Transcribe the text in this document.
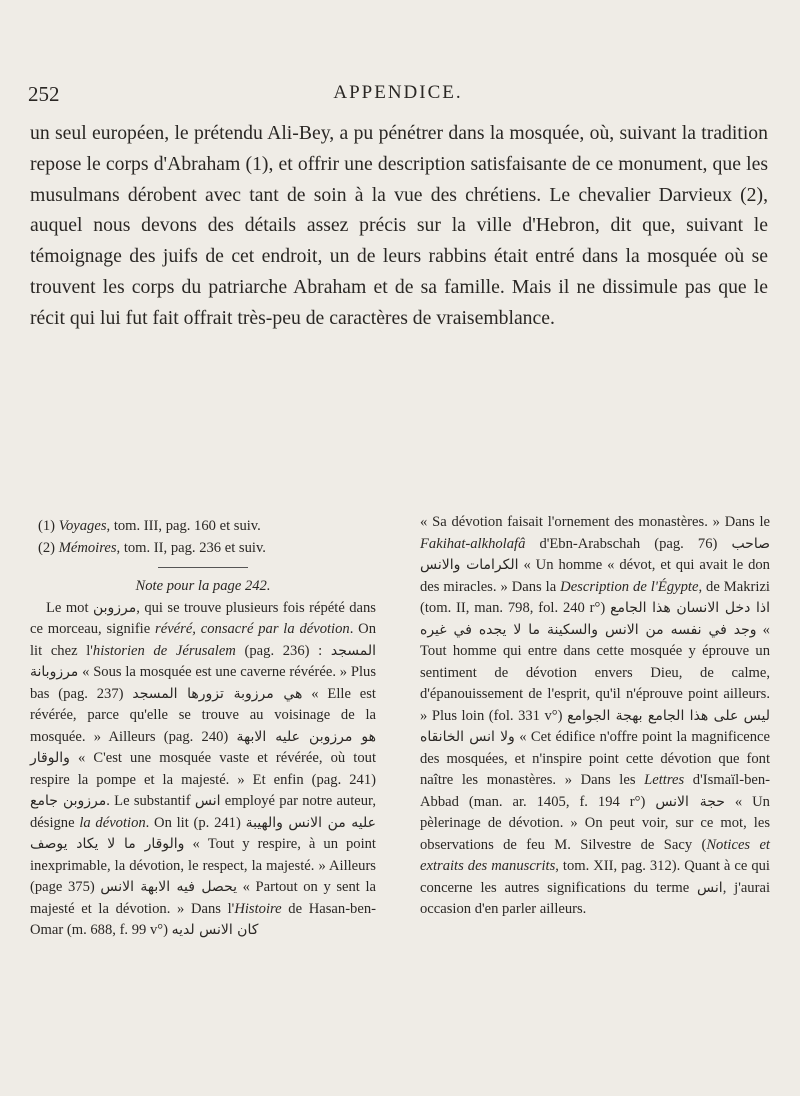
252	APPENDICE.

un seul européen, le prétendu Ali-Bey, a pu pénétrer dans la mosquée, où, suivant la tradition repose le corps d'Abraham (1), et offrir une description satisfaisante de ce monument, que les musulmans dérobent avec tant de soin à la vue des chrétiens. Le chevalier Darvieux (2), auquel nous devons des détails assez précis sur la ville d'Hebron, dit que, suivant le témoignage des juifs de cet endroit, un de leurs rabbins était entré dans la mosquée où se trouvent les corps du patriarche Abraham et de sa famille. Mais il ne dissimule pas que le récit qui lui fut fait offrait très-peu de caractères de vraisemblance.

(1) Voyages, tom. III, pag. 160 et suiv.

(2) Mémoires, tom. II, pag. 236 et suiv.

Note pour la page 242.

Le mot مرزوبن, qui se trouve plusieurs fois répété dans ce morceau, signifie révéré, consacré par la dévotion. On lit chez l'historien de Jérusalem (pag. 236) : المسجد مرزوبانة « Sous la mosquée est une caverne révérée. » Plus bas (pag. 237) هي مرزوبة تزورها المسجد « Elle est révérée, parce qu'elle se trouve au voisinage de la mosquée. » Ailleurs (pag. 240) هو مرزوبن عليه الابهة والوقار « C'est une mosquée vaste et révérée, où tout respire la pompe et la majesté. » Et enfin (pag. 241) مرزوبن جامع. Le substantif انس employé par notre auteur, désigne la dévotion. On lit (p. 241) عليه من الانس والهيبة والوقار ما لا يكاد يوصف « Tout y respire, à un point inexprimable, la dévotion, le respect, la majesté. » Ailleurs (page 375) يحصل فيه الابهة الانس « Partout on y sent la majesté et la dévotion. » Dans l'Histoire de Hasan-ben-Omar (m. 688, f. 99 v°) كان الانس لديه

« Sa dévotion faisait l'ornement des monastères. » Dans le Fakihat-alkholafâ d'Ebn-Arabschah (pag. 76) صاحب الكرامات والانس « Un homme « dévot, et qui avait le don des miracles. » Dans la Description de l'Égypte, de Makrizi (tom. II, man. 798, fol. 240 r°) اذا دخل الانسان هذا الجامع وجد في نفسه من الانس والسكينة ما لا يجده في غيره « Tout homme qui entre dans cette mosquée y éprouve un sentiment de dévotion envers Dieu, de calme, d'épanouissement de l'esprit, qu'il n'éprouve point ailleurs. » Plus loin (fol. 331 v°) ليس على هذا الجامع بهجة الجوامع ولا انس الخانقاه « Cet édifice n'offre point la magnificence des mosquées, et n'inspire point cette dévotion que font naître les monastères. » Dans les Lettres d'Ismaïl-ben-Abbad (man. ar. 1405, f. 194 r°) حجة الانس « Un pèlerinage de dévotion. » On peut voir, sur ce mot, les observations de feu M. Silvestre de Sacy (Notices et extraits des manuscrits, tom. XII, pag. 312). Quant à ce qui concerne les autres significations du terme انس, j'aurai occasion d'en parler ailleurs.
